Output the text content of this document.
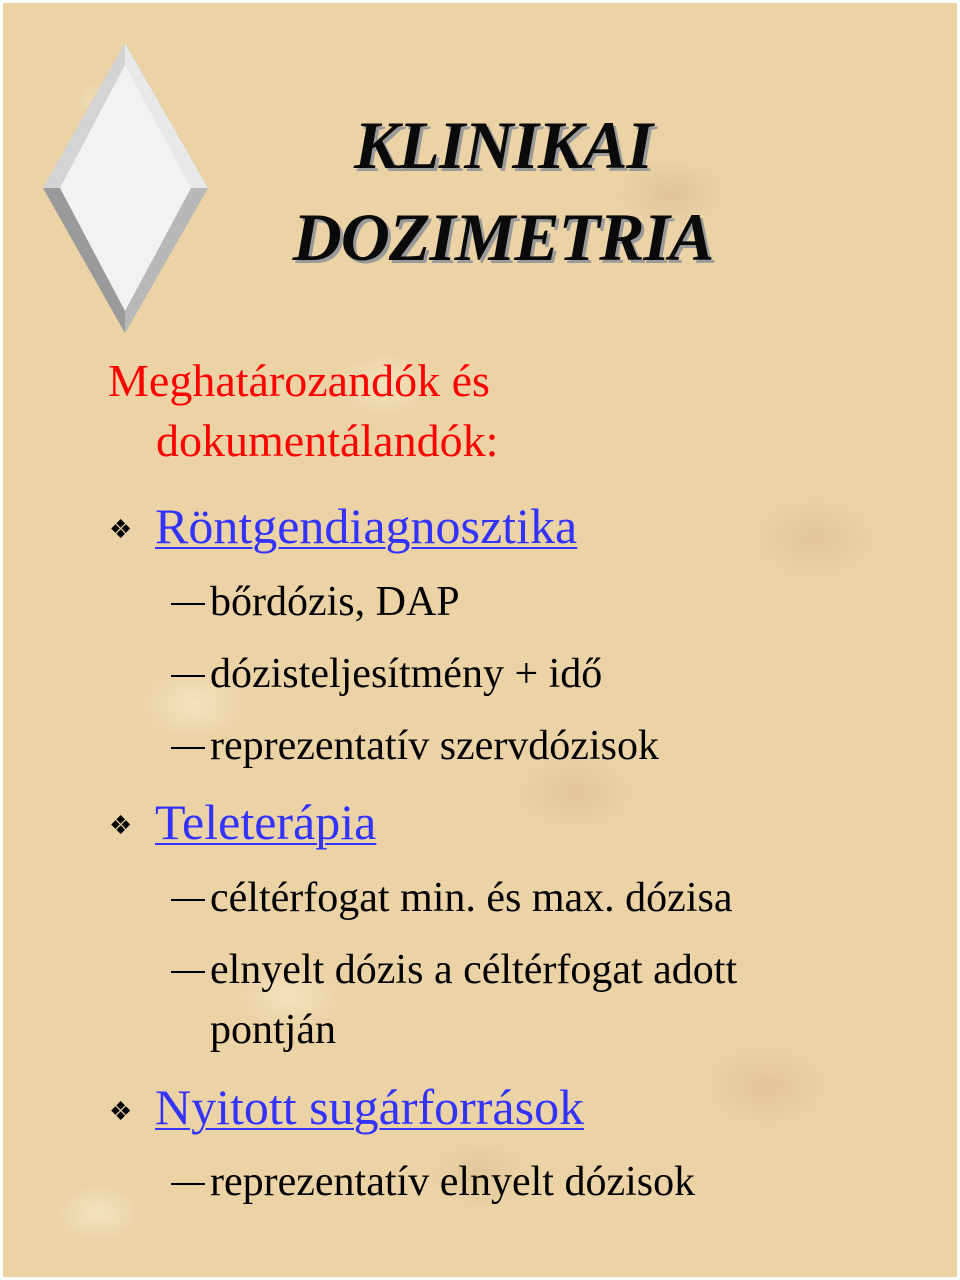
KLINIKAI
DOZIMETRIA
Meghatározandók és
dokumentálandók:
❖ Röntgendiagnosztika
bőrdózis, DAP
dózisteljesítmény + idő
reprezentatív szervdózisok
❖ Teleterápia
céltérfogat min. és max. dózisa
elnyelt dózis a céltérfogat adott
pontján
❖ Nyitott sugárforrások
reprezentatív elnyelt dózisok
